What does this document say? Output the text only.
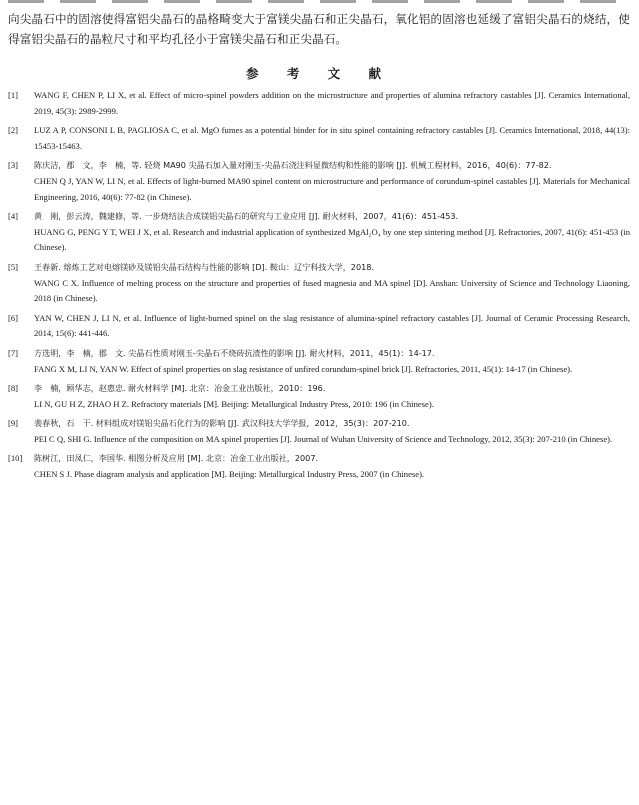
向尖晶石中的固溶使得富铝尖晶石的晶格畸变大于富镁尖晶石和正尖晶石，氧化铝的固溶也延缓了富铝尖晶石的烧结，使得富铝尖晶石的晶粒尺寸和平均孔径小于富镁尖晶石和正尖晶石。

参 考 文 献
[1]	WANG F, CHEN P, LI X, et al. Effect of micro-spinel powders addition on the microstructure and properties of alumina refractory castables [J]. Ceramics International, 2019, 45(3): 2989-2999.
[2]	LUZ A P, CONSONI L B, PAGLIOSA C, et al. MgO fumes as a potential binder for in situ spinel containing refractory castables [J]. Ceramics International, 2018, 44(13): 15453-15463.
[3]	陈庆洁，郡　文，李　楠，等. 轻烧 MA90 尖晶石加入量对刚玉-尖晶石浇注料显微结构和性能的影响 [J]. 机械工程材料，2016，40(6)：77-82.
CHEN Q J, YAN W, LI N, et al. Effects of light-burned MA90 spinel content on microstructure and performance of corundum-spinel castables [J]. Materials for Mechanical Engineering, 2016, 40(6): 77-82 (in Chinese).
[4]	黄　刚，彭云涛，魏建修，等. 一步烧结法合成镁铝尖晶石的研究与工业应用 [J]. 耐火材料，2007，41(6)：451-453.
HUANG G, PENG Y T, WEI J X, et al. Research and industrial application of synthesized MgAl₂O₄ by one step sintering method [J]. Refractories, 2007, 41(6): 451-453 (in Chinese).
[5]	王春新. 熔炼工艺对电熔镁砂及镁铝尖晶石结构与性能的影响 [D]. 鞍山：辽宁科技大学，2018.
WANG C X. Influence of melting process on the structure and properties of fused magnesia and MA spinel [D]. Anshan: University of Science and Technology Liaoning, 2018 (in Chinese).
[6]	YAN W, CHEN J, LI N, et al. Influence of light-burned spinel on the slag resistance of alumina-spinel refractory castables [J]. Journal of Ceramic Processing Research, 2014, 15(6): 441-446.
[7]	方选明，李　楠，郡　文. 尖晶石性质对刚玉-尖晶石不烧砖抗渣性的影响 [J]. 耐火材料，2011，45(1)：14-17.
FANG X M, LI N, YAN W. Effect of spinel properties on slag resistance of unfired corundum-spinel brick [J]. Refractories, 2011, 45(1): 14-17 (in Chinese).
[8]	李　楠，顾华志，赵惠忠. 耐火材料学 [M]. 北京：冶金工业出版社，2010：196.
LI N, GU H Z, ZHAO H Z. Refractory materials [M]. Beijing: Metallurgical Industry Press, 2010: 196 (in Chinese).
[9]	裴春秋，石　干. 材料组成对镁铝尖晶石化行为的影响 [J]. 武汉科技大学学报，2012，35(3)：207-210.
PEI C Q, SHI G. Influence of the composition on MA spinel properties [J]. Journal of Wuhan University of Science and Technology, 2012, 35(3): 207-210 (in Chinese).
[10]	陈树江，田凤仁，李国华. 相图分析及应用 [M]. 北京：冶金工业出版社，2007.
CHEN S J. Phase diagram analysis and application [M]. Beijing: Metallurgical Industry Press, 2007 (in Chinese).
